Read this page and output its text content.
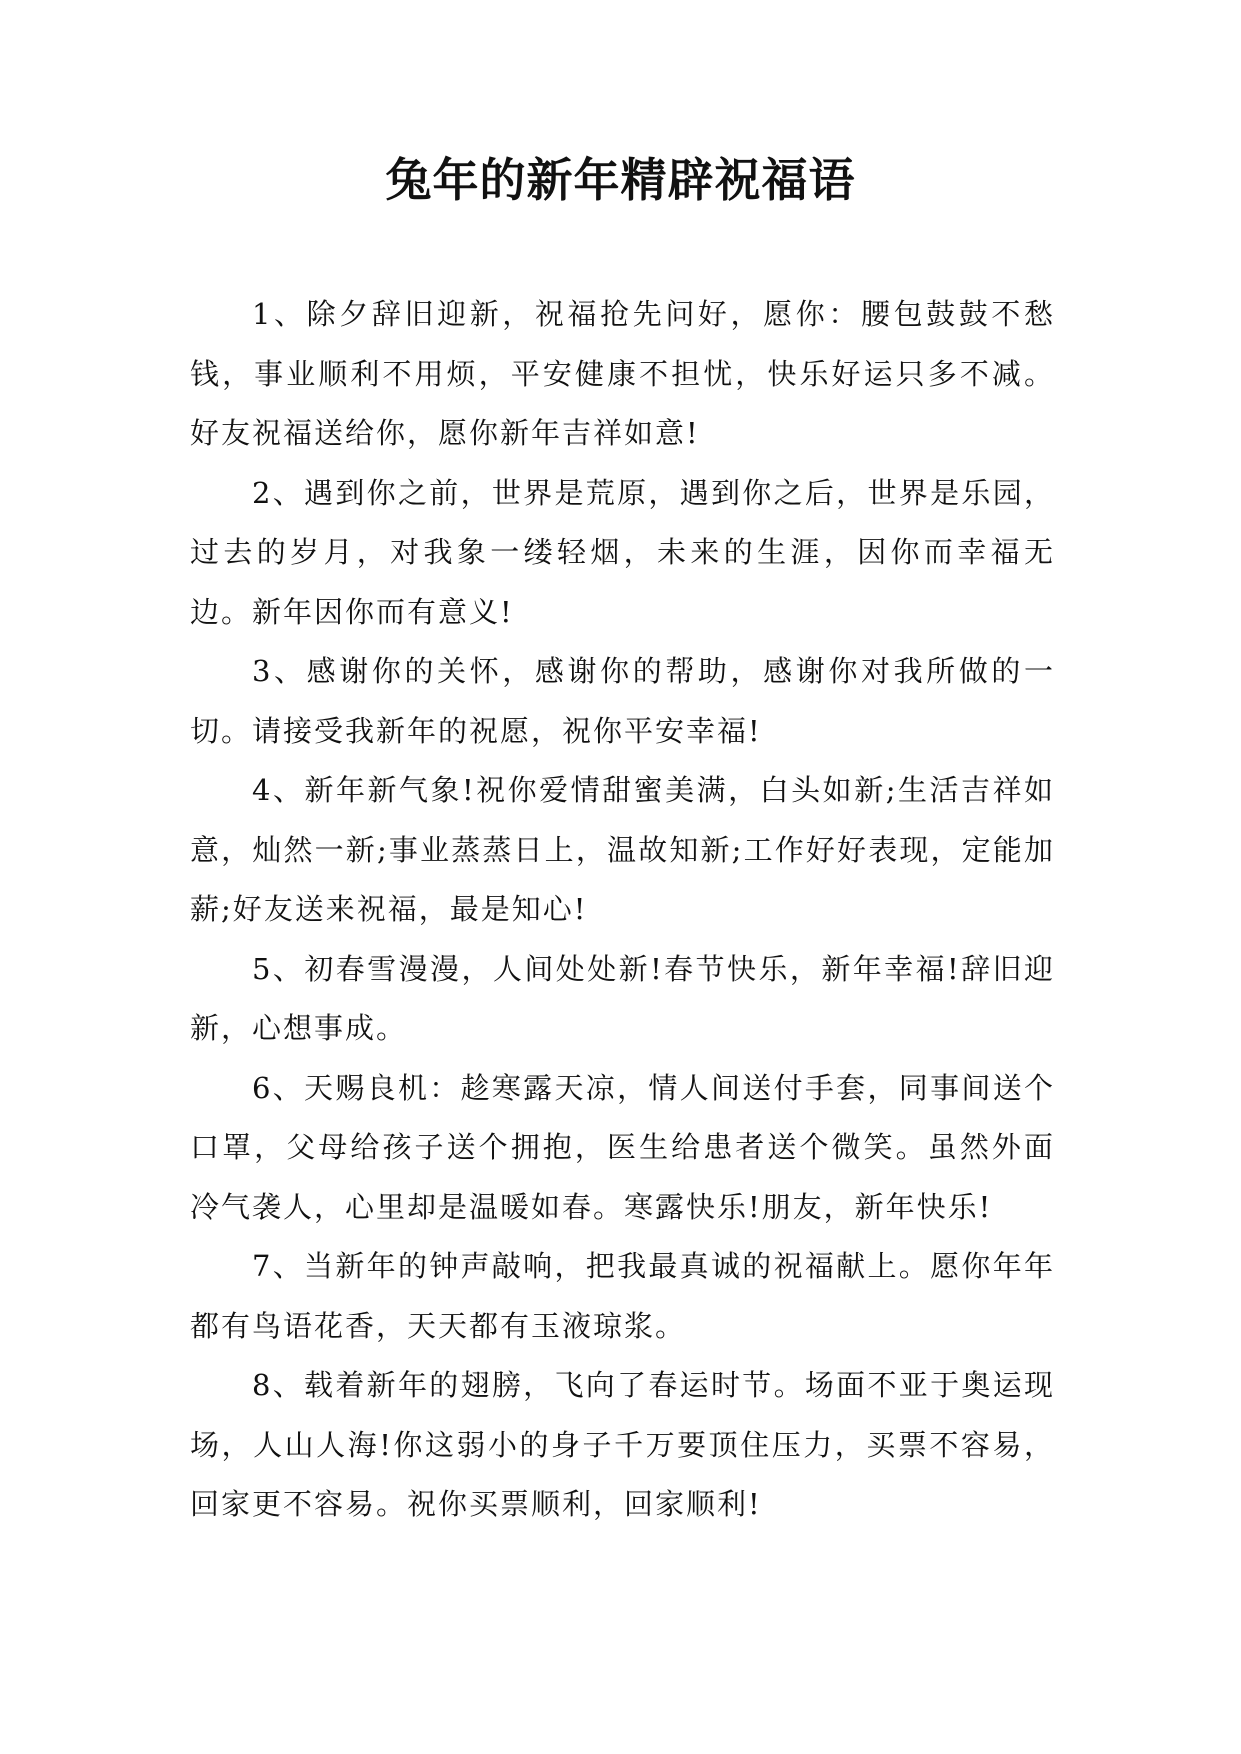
兔年的新年精辟祝福语

1、除夕辞旧迎新，祝福抢先问好，愿你：腰包鼓鼓不愁钱，事业顺利不用烦，平安健康不担忧，快乐好运只多不减。好友祝福送给你，愿你新年吉祥如意!

2、遇到你之前，世界是荒原，遇到你之后，世界是乐园，过去的岁月，对我象一缕轻烟，未来的生涯，因你而幸福无边。新年因你而有意义!

3、感谢你的关怀，感谢你的帮助，感谢你对我所做的一切。请接受我新年的祝愿，祝你平安幸福!

4、新年新气象!祝你爱情甜蜜美满，白头如新;生活吉祥如意，灿然一新;事业蒸蒸日上，温故知新;工作好好表现，定能加薪;好友送来祝福，最是知心!

5、初春雪漫漫，人间处处新!春节快乐，新年幸福!辞旧迎新，心想事成。

6、天赐良机：趁寒露天凉，情人间送付手套，同事间送个口罩，父母给孩子送个拥抱，医生给患者送个微笑。虽然外面冷气袭人，心里却是温暖如春。寒露快乐!朋友，新年快乐!

7、当新年的钟声敲响，把我最真诚的祝福献上。愿你年年都有鸟语花香，天天都有玉液琼浆。

8、载着新年的翅膀，飞向了春运时节。场面不亚于奥运现场，人山人海!你这弱小的身子千万要顶住压力，买票不容易，回家更不容易。祝你买票顺利，回家顺利!
